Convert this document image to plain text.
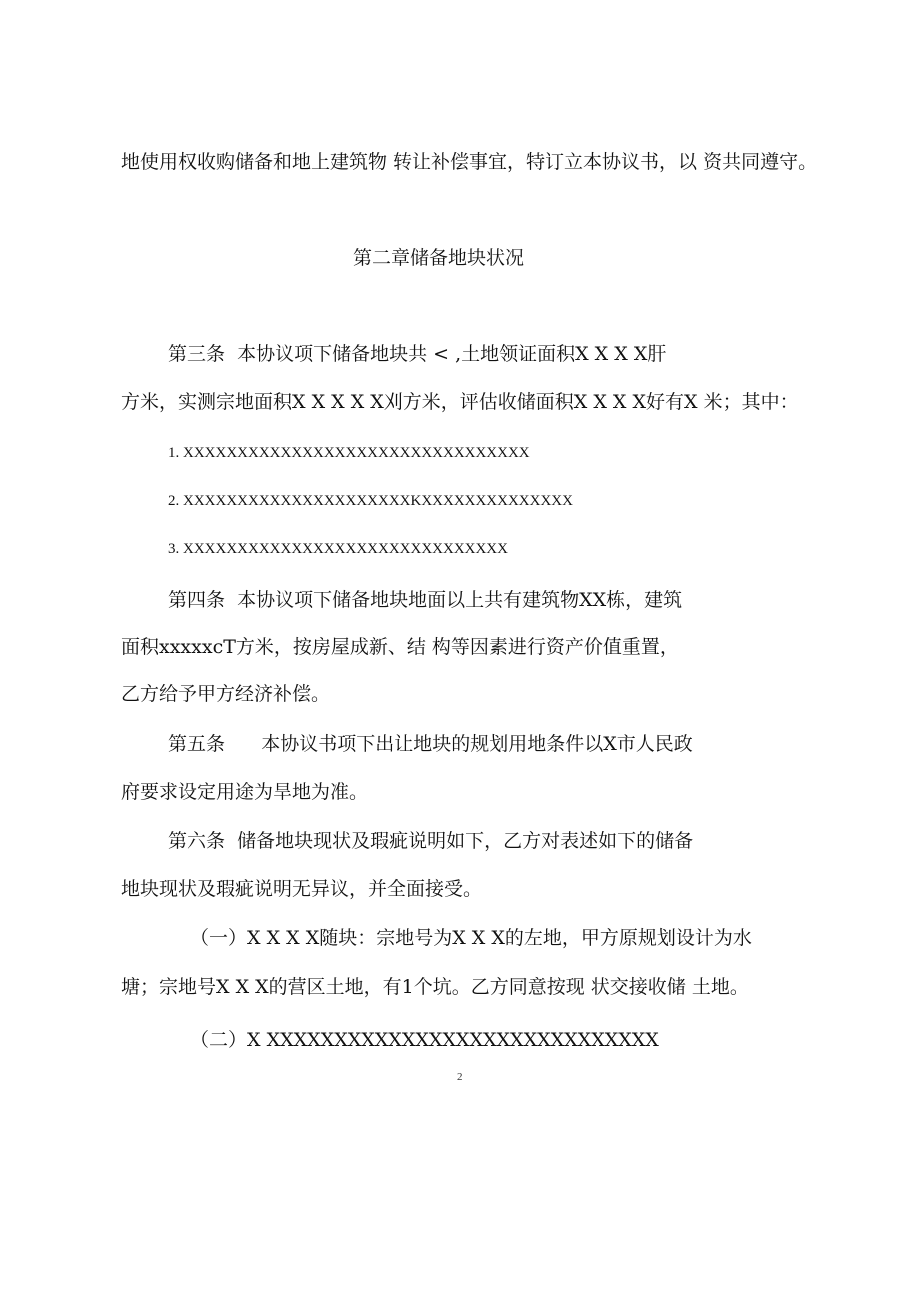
地使用权收购储备和地上建筑物 转让补偿事宜，特订立本协议书，以 资共同遵守。

第二章储备地块状况

第三条  本协议项下储备地块共 < ,土地领证面积X X X X肝

方米，实测宗地面积X X X X X刈方米，评估收储面积X X X X好有X 米；其中：

1. XXXXXXXXXXXXXXXXXXXXXXXXXXXXXXXX

2. XXXXXXXXXXXXXXXXXXXXXKXXXXXXXXXXXXXX

3. XXXXXXXXXXXXXXXXXXXXXXXXXXXXXX

第四条  本协议项下储备地块地面以上共有建筑物XX栋，建筑

面积xxxxxcT方米，按房屋成新、结 构等因素进行资产价值重置，

乙方给予甲方经济补偿。

第五条      本协议书项下出让地块的规划用地条件以X市人民政

府要求设定用途为旱地为准。

第六条  储备地块现状及瑕疵说明如下，乙方对表述如下的储备

地块现状及瑕疵说明无异议，并全面接受。

（一）X X X X随块：宗地号为X X X的左地，甲方原规划设计为水

塘；宗地号X X X的营区土地，有1个坑。乙方同意按现 状交接收储 土地。

（二）X XXXXXXXXXXXXXXXXXXXXXXXXXXXXX

2
